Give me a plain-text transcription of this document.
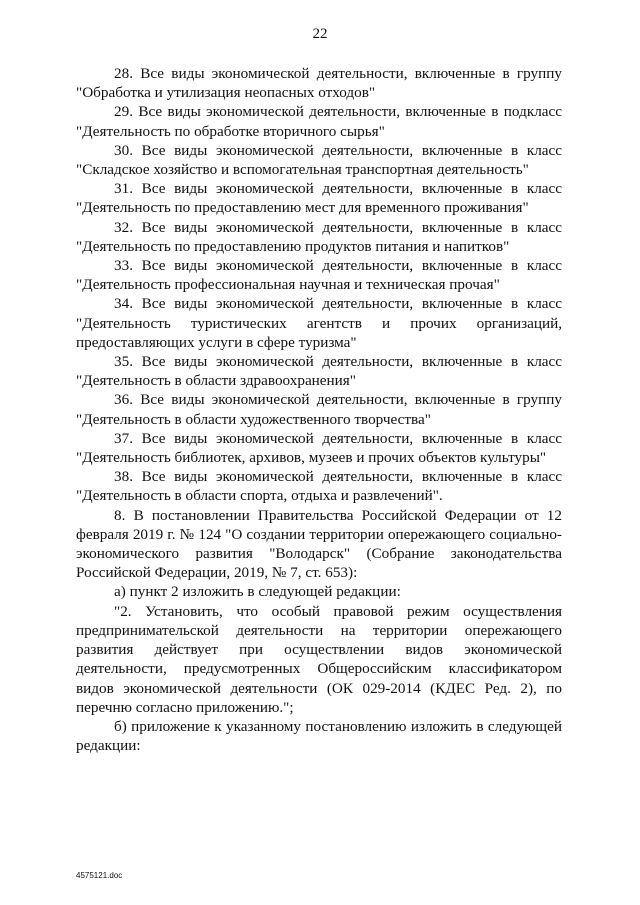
22

28. Все виды экономической деятельности, включенные в группу "Обработка и утилизация неопасных отходов"

29. Все виды экономической деятельности, включенные в подкласс "Деятельность по обработке вторичного сырья"

30. Все виды экономической деятельности, включенные в класс "Складское хозяйство и вспомогательная транспортная деятельность"

31. Все виды экономической деятельности, включенные в класс "Деятельность по предоставлению мест для временного проживания"

32. Все виды экономической деятельности, включенные в класс "Деятельность по предоставлению продуктов питания и напитков"

33. Все виды экономической деятельности, включенные в класс "Деятельность профессиональная научная и техническая прочая"

34. Все виды экономической деятельности, включенные в класс "Деятельность туристических агентств и прочих организаций, предоставляющих услуги в сфере туризма"

35. Все виды экономической деятельности, включенные в класс "Деятельность в области здравоохранения"

36. Все виды экономической деятельности, включенные в группу "Деятельность в области художественного творчества"

37. Все виды экономической деятельности, включенные в класс "Деятельность библиотек, архивов, музеев и прочих объектов культуры"

38. Все виды экономической деятельности, включенные в класс "Деятельность в области спорта, отдыха и развлечений".

8. В постановлении Правительства Российской Федерации от 12 февраля 2019 г. № 124 "О создании территории опережающего социально-экономического развития "Володарск" (Собрание законодательства Российской Федерации, 2019, № 7, ст. 653):

а) пункт 2 изложить в следующей редакции:

"2. Установить, что особый правовой режим осуществления предпринимательской деятельности на территории опережающего развития действует при осуществлении видов экономической деятельности, предусмотренных Общероссийским классификатором видов экономической деятельности (ОК 029-2014 (КДЕС Ред. 2), по перечню согласно приложению.";

б) приложение к указанному постановлению изложить в следующей редакции:

4575121.doc
